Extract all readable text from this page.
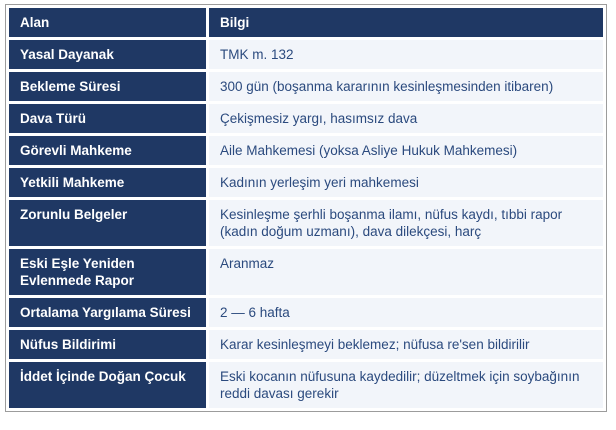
Alan	Bilgi
Yasal Dayanak	TMK m. 132
Bekleme Süresi	300 gün (boşanma kararının kesinleşmesinden itibaren)
Dava Türü	Çekişmesiz yargı, hasımsız dava
Görevli Mahkeme	Aile Mahkemesi (yoksa Asliye Hukuk Mahkemesi)
Yetkili Mahkeme	Kadının yerleşim yeri mahkemesi
Zorunlu Belgeler	Kesinleşme şerhli boşanma ilamı, nüfus kaydı, tıbbi rapor (kadın doğum uzmanı), dava dilekçesi, harç
Eski Eşle Yeniden Evlenmede Rapor	Aranmaz
Ortalama Yargılama Süresi	2 — 6 hafta
Nüfus Bildirimi	Karar kesinleşmeyi beklemez; nüfusa re'sen bildirilir
İddet İçinde Doğan Çocuk	Eski kocanın nüfusuna kaydedilir; düzeltmek için soybağının reddi davası gerekir
